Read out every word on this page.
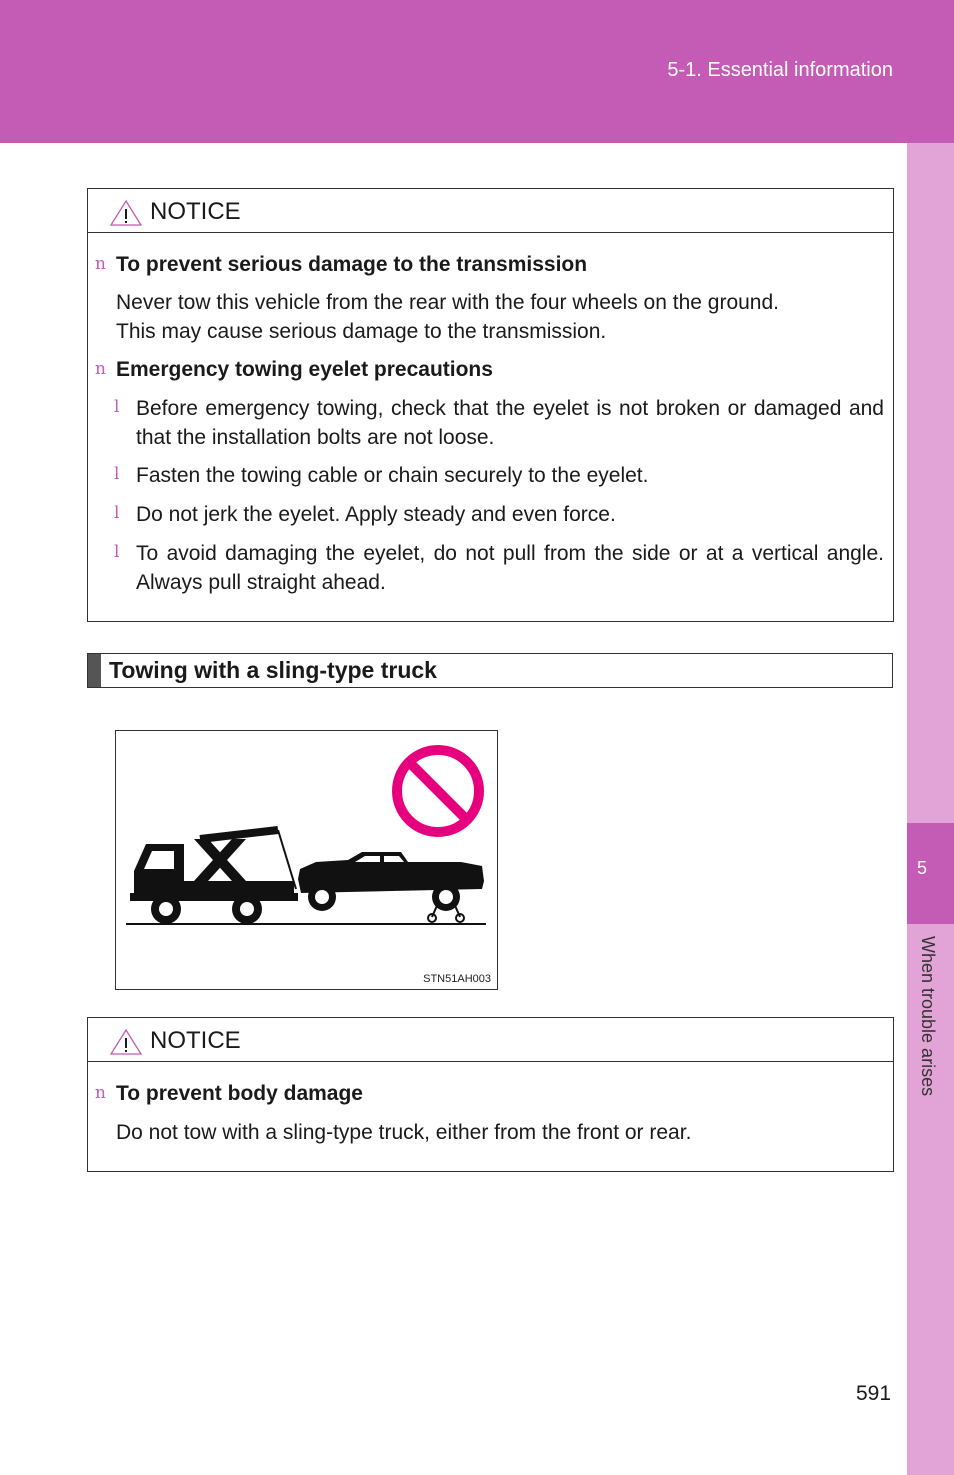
5-1. Essential information
5
When trouble arises
NOTICE
n To prevent serious damage to the transmission
Never tow this vehicle from the rear with the four wheels on the ground.
This may cause serious damage to the transmission.
n Emergency towing eyelet precautions
l Before emergency towing, check that the eyelet is not broken or damaged and that the installation bolts are not loose.
l Fasten the towing cable or chain securely to the eyelet.
l Do not jerk the eyelet. Apply steady and even force.
l To avoid damaging the eyelet, do not pull from the side or at a vertical angle. Always pull straight ahead.
Towing with a sling-type truck
STN51AH003
NOTICE
n To prevent body damage
Do not tow with a sling-type truck, either from the front or rear.
591
